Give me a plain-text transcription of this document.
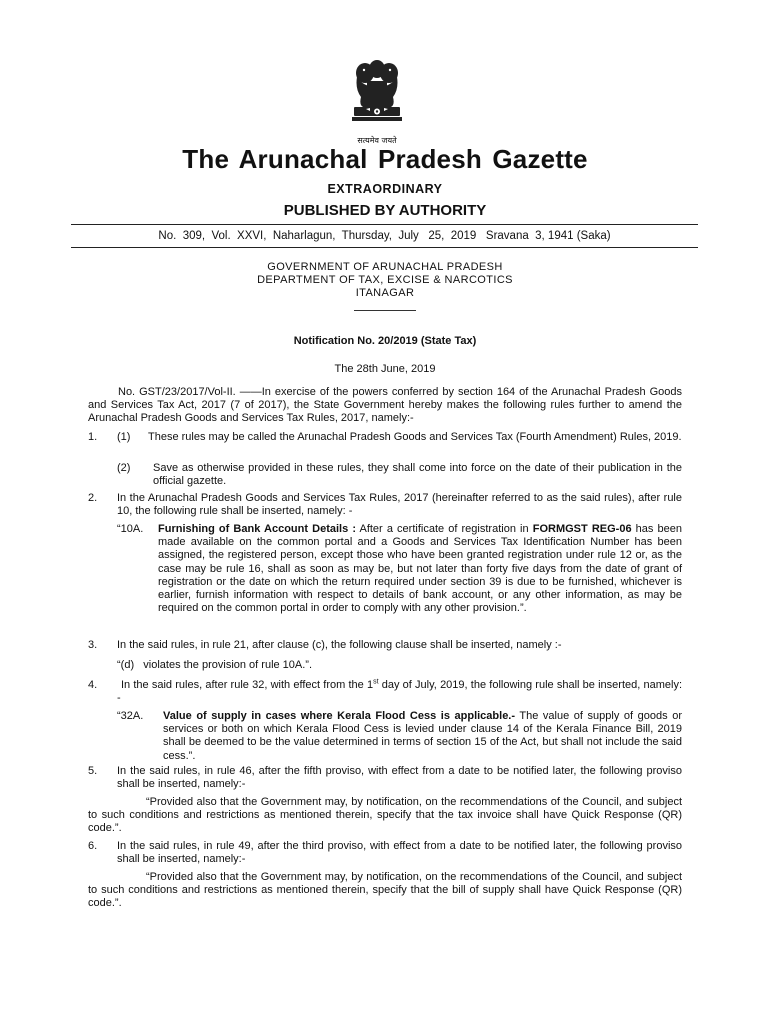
सत्यमेव जयते
The Arunachal Pradesh Gazette
EXTRAORDINARY
PUBLISHED BY AUTHORITY
No.  309,  Vol.  XXVI,  Naharlagun,  Thursday,  July   25,  2019   Sravana  3, 1941 (Saka)
GOVERNMENT OF ARUNACHAL PRADESH
DEPARTMENT OF TAX, EXCISE & NARCOTICS
ITANAGAR
Notification No. 20/2019 (State Tax)
The 28th June, 2019
No. GST/23/2017/Vol-II. ——In exercise of the powers conferred by section 164 of the Arunachal Pradesh Goods and Services Tax Act, 2017 (7 of 2017), the State Government hereby makes the following rules further to amend the Arunachal Pradesh Goods and Services Tax Rules, 2017, namely:-
1. (1) These rules may be called the Arunachal Pradesh Goods and Services Tax (Fourth Amendment) Rules, 2019.
(2) Save as otherwise provided in these rules, they shall come into force on the date of their publication in the official gazette.
2. In the Arunachal Pradesh Goods and Services Tax Rules, 2017 (hereinafter referred to as the said rules), after rule 10, the following rule shall be inserted, namely: -
“10A. Furnishing of Bank Account Details : After a certificate of registration in FORMGST REG-06 has been made available on the common portal and a Goods and Services Tax Identification Number has been assigned, the registered person, except those who have been granted registration under rule 12 or, as the case may be rule 16, shall as soon as may be, but not later than forty five days from the date of grant of registration or the date on which the return required under section 39 is due to be furnished, whichever is earlier, furnish information with respect to details of bank account, or any other information, as may be required on the common portal in order to comply with any other provision.”.
3. In the said rules, in rule 21, after clause (c), the following clause shall be inserted, namely :-
“(d)   violates the provision of rule 10A.”.
4.	In the said rules, after rule 32, with effect from the 1st day of July, 2019, the following rule shall be inserted, namely: -
“32A. Value of supply in cases where Kerala Flood Cess is applicable.- The value of supply of goods or services or both on which Kerala Flood Cess is levied under clause 14 of the Kerala Finance Bill, 2019 shall be deemed to be the value determined in terms of section 15 of the Act, but shall not include the said cess.”.
5. In the said rules, in rule 46, after the fifth proviso, with effect from a date to be notified later, the following proviso shall be inserted, namely:-
“Provided also that the Government may, by notification, on the recommendations of the Council, and subject to such conditions and restrictions as mentioned therein, specify that the tax invoice shall have Quick Response (QR) code.”.
6. In the said rules, in rule 49, after the third proviso, with effect from a date to be notified later, the following proviso shall be inserted, namely:-
“Provided also that the Government may, by notification, on the recommendations of the Council, and subject to such conditions and restrictions as mentioned therein, specify that the bill of supply shall have Quick Response (QR) code.”.
